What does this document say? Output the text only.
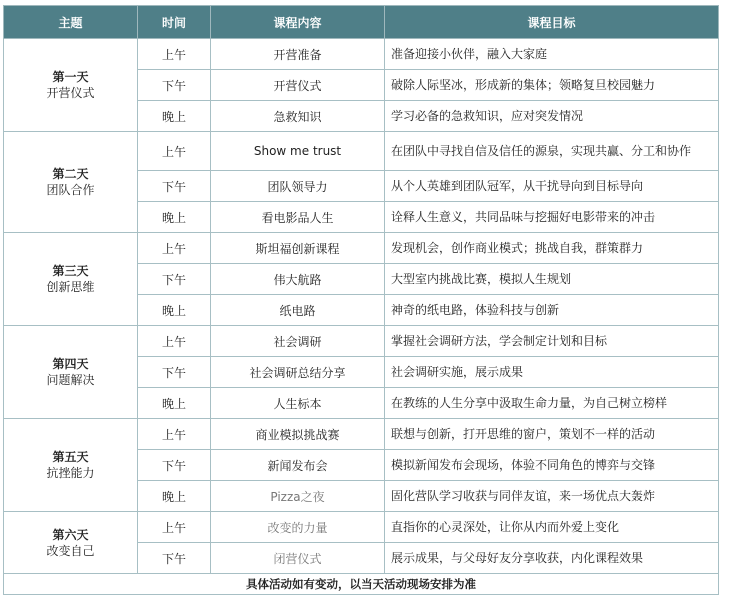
主题	时间	课程内容	课程目标

第一天
开营仪式	上午	开营准备	准备迎接小伙伴，融入大家庭
	下午	开营仪式	破除人际坚冰，形成新的集体；领略复旦校园魅力
	晚上	急救知识	学习必备的急救知识，应对突发情况

第二天
团队合作	上午	Show me trust	在团队中寻找自信及信任的源泉，实现共赢、分工和协作
	下午	团队领导力	从个人英雄到团队冠军，从干扰导向到目标导向
	晚上	看电影品人生	诠释人生意义，共同品味与挖掘好电影带来的冲击

第三天
创新思维	上午	斯坦福创新课程	发现机会，创作商业模式；挑战自我，群策群力
	下午	伟大航路	大型室内挑战比赛，模拟人生规划
	晚上	纸电路	神奇的纸电路，体验科技与创新

第四天
问题解决	上午	社会调研	掌握社会调研方法，学会制定计划和目标
	下午	社会调研总结分享	社会调研实施，展示成果
	晚上	人生标本	在教练的人生分享中汲取生命力量，为自己树立榜样

第五天
抗挫能力	上午	商业模拟挑战赛	联想与创新，打开思维的窗户，策划不一样的活动
	下午	新闻发布会	模拟新闻发布会现场，体验不同角色的博弈与交锋
	晚上	Pizza之夜	固化营队学习收获与同伴友谊，来一场优点大轰炸

第六天
改变自己	上午	改变的力量	直指你的心灵深处，让你从内而外爱上变化
	下午	闭营仪式	展示成果，与父母好友分享收获，内化课程效果
具体活动如有变动，以当天活动现场安排为准			
